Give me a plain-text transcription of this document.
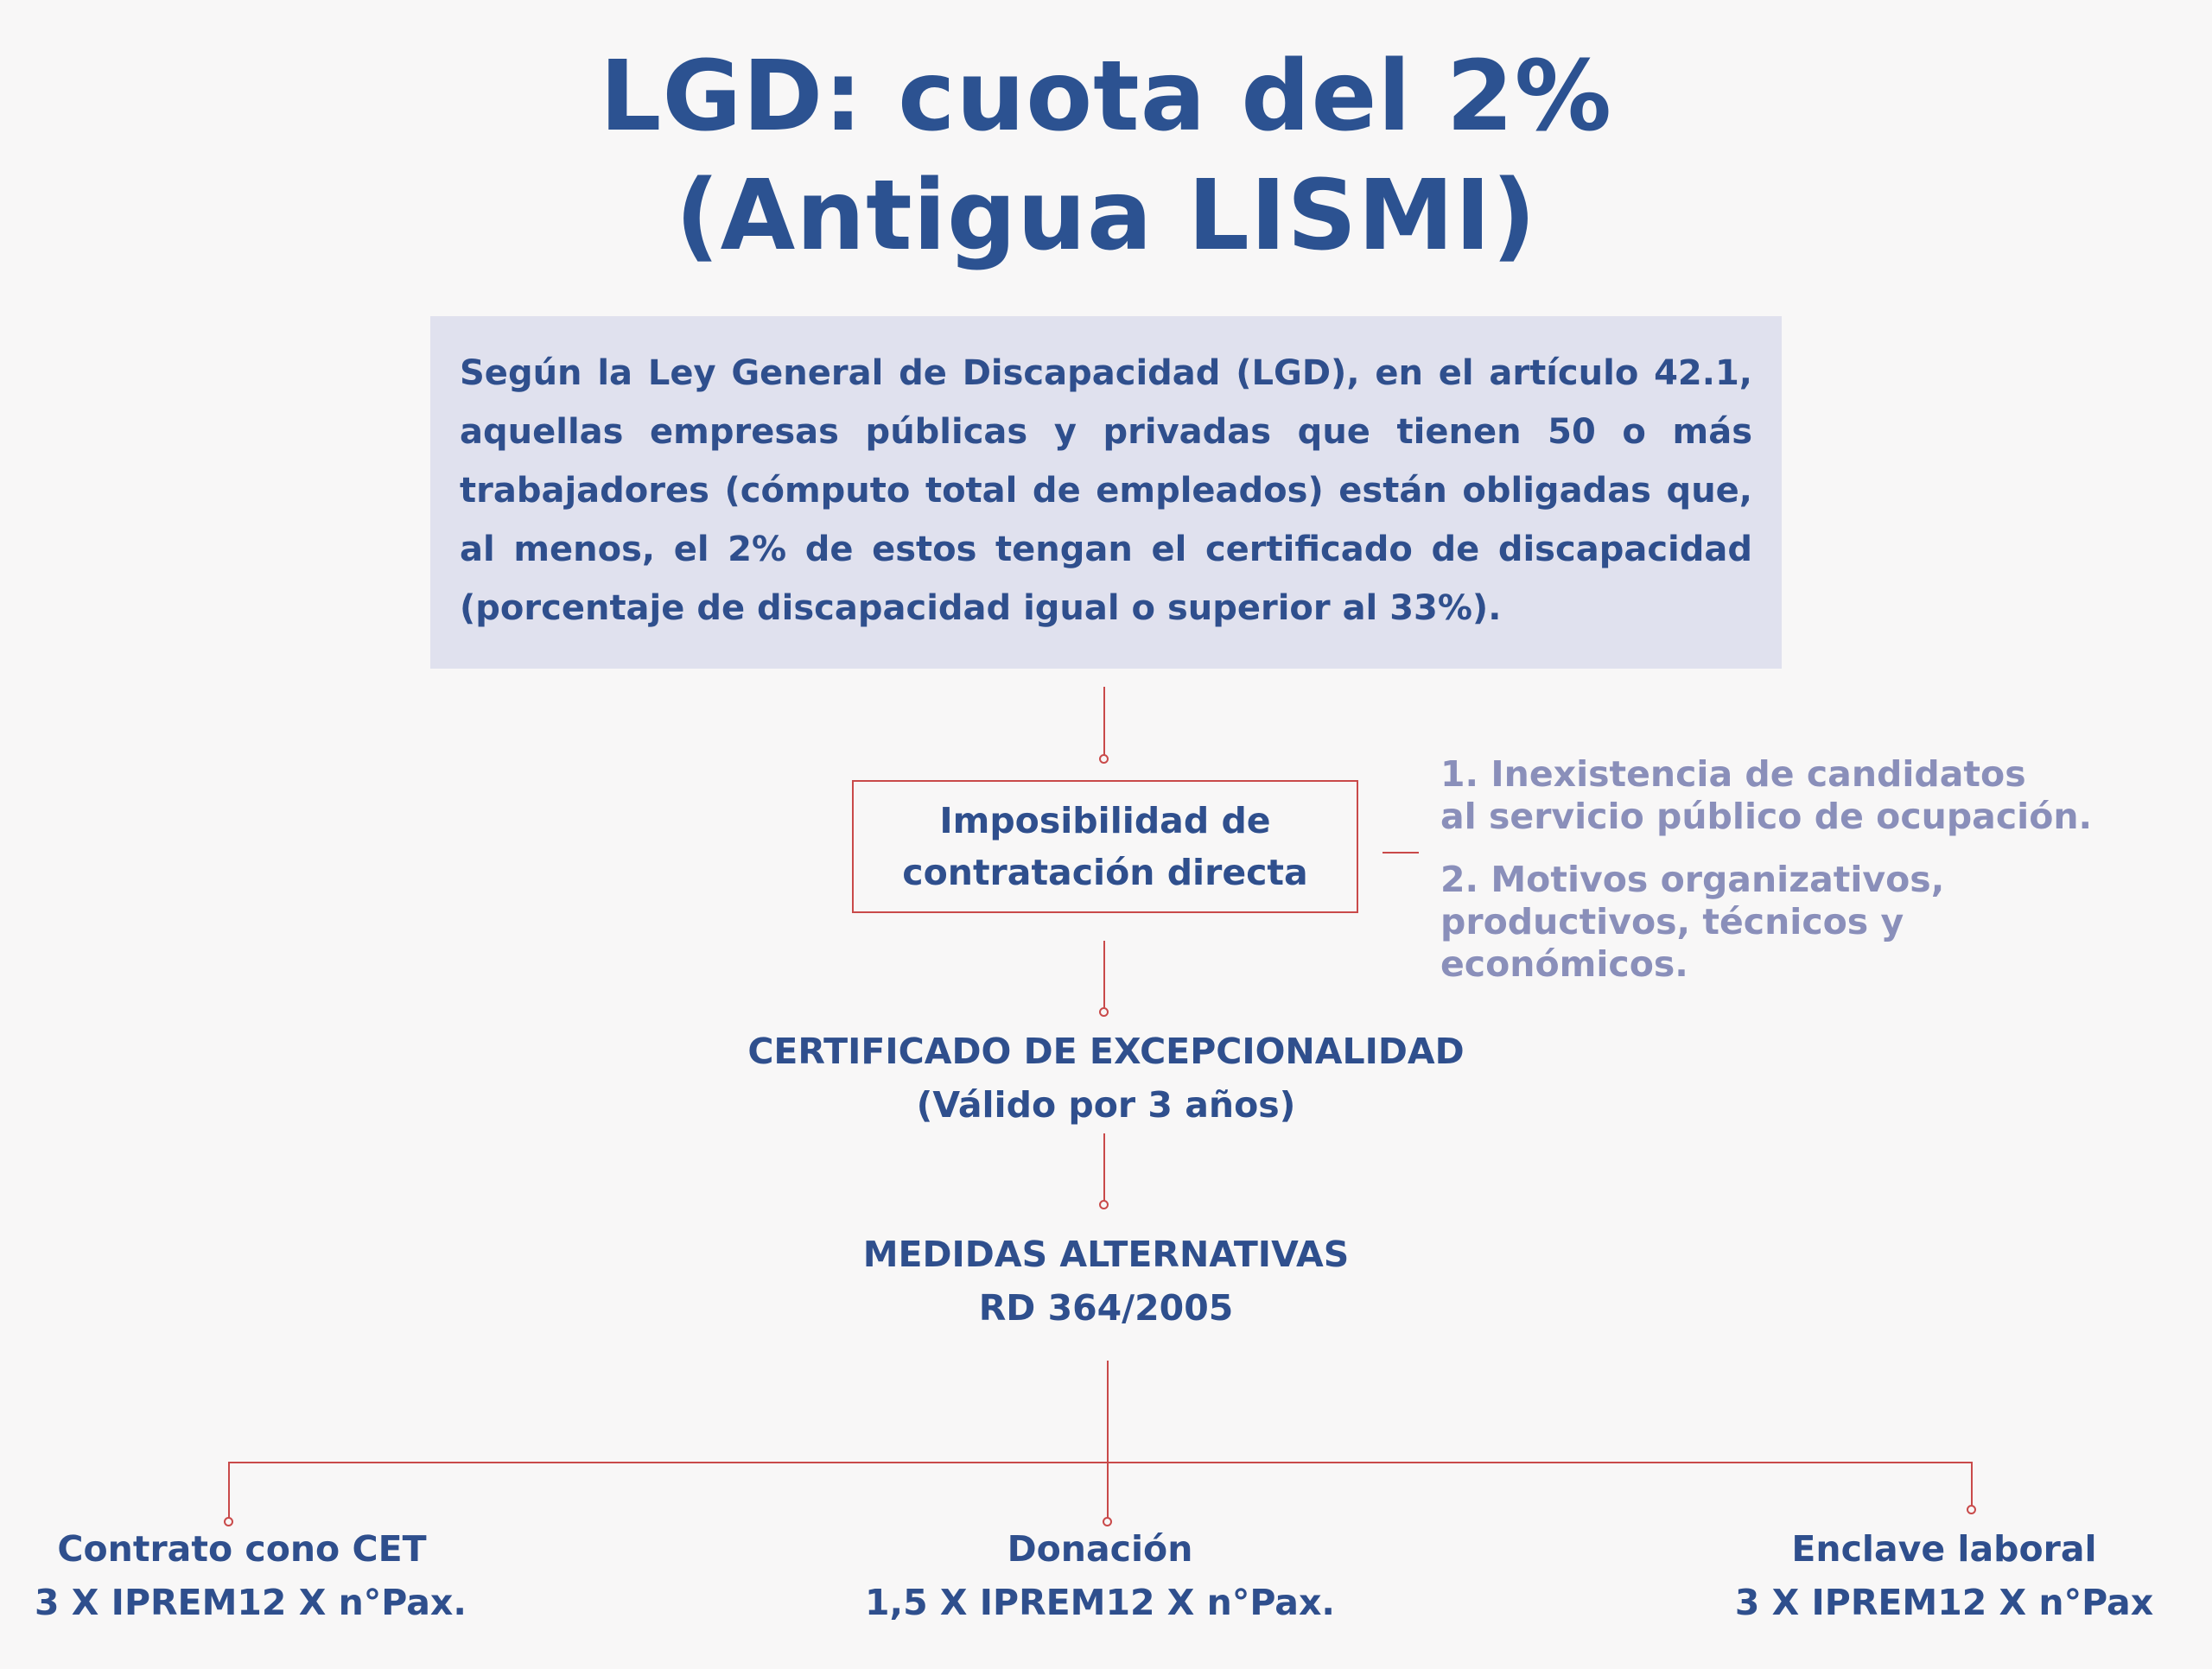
LGD: cuota del 2%
(Antigua LISMI)

Según la Ley General de Discapacidad (LGD), en el artículo 42.1, aquellas empresas públicas y privadas que tienen 50 o más trabajadores (cómputo total de empleados) están obligadas que, al menos, el 2% de estos tengan el certificado de discapacidad (porcentaje de discapacidad igual o superior al 33%).

Imposibilidad de
contratación directa

1. Inexistencia de candidatos
al servicio público de ocupación.

2. Motivos organizativos,
productivos, técnicos y
económicos.

CERTIFICADO DE EXCEPCIONALIDAD
(Válido por 3 años)
MEDIDAS ALTERNATIVAS
RD 364/2005
Contrato cono CET
3 X IPREM12 X n°Pax.
Donación
1,5 X IPREM12 X n°Pax.
Enclave laboral
3 X IPREM12 X n°Pax
